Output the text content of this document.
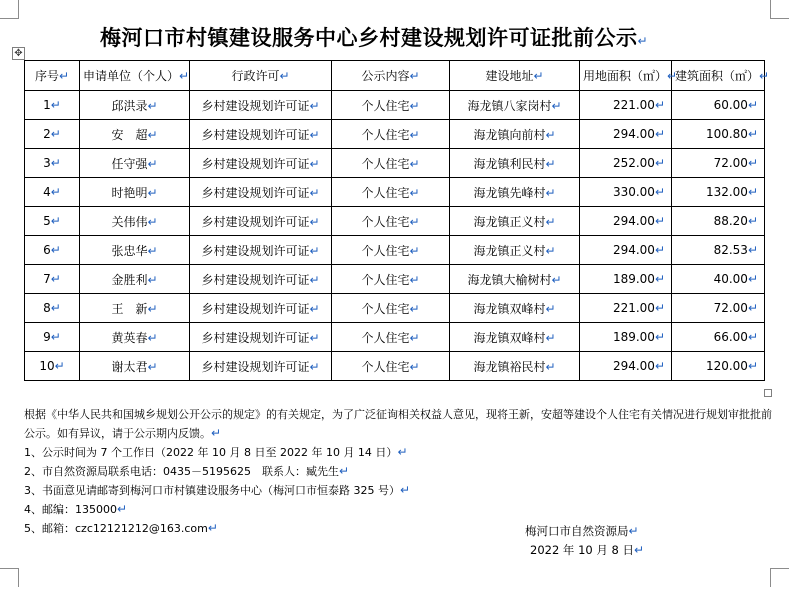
梅河口市村镇建设服务中心乡村建设规划许可证批前公示↵
✥
序号↵	申请单位（个人）↵	行政许可↵	公示内容↵	建设地址↵	用地面积（㎡）↵	建筑面积（㎡）↵
1↵	邱洪录↵	乡村建设规划许可证↵	个人住宅↵	海龙镇八家岗村↵	221.00↵	60.00↵
2↵	安　超↵	乡村建设规划许可证↵	个人住宅↵	海龙镇向前村↵	294.00↵	100.80↵
3↵	任守强↵	乡村建设规划许可证↵	个人住宅↵	海龙镇利民村↵	252.00↵	72.00↵
4↵	时艳明↵	乡村建设规划许可证↵	个人住宅↵	海龙镇先峰村↵	330.00↵	132.00↵
5↵	关伟伟↵	乡村建设规划许可证↵	个人住宅↵	海龙镇正义村↵	294.00↵	88.20↵
6↵	张忠华↵	乡村建设规划许可证↵	个人住宅↵	海龙镇正义村↵	294.00↵	82.53↵
7↵	金胜利↵	乡村建设规划许可证↵	个人住宅↵	海龙镇大榆树村↵	189.00↵	40.00↵
8↵	王　新↵	乡村建设规划许可证↵	个人住宅↵	海龙镇双峰村↵	221.00↵	72.00↵
9↵	黄英春↵	乡村建设规划许可证↵	个人住宅↵	海龙镇双峰村↵	189.00↵	66.00↵
10↵	谢太君↵	乡村建设规划许可证↵	个人住宅↵	海龙镇裕民村↵	294.00↵	120.00↵

根据《中华人民共和国城乡规划公开公示的规定》的有关规定，为了广泛征询相关权益人意见，现将王新，安超等建设个人住宅有关情况进行规划审批批前公示。如有异议，请于公示期内反馈。↵

1、公示时间为 7 个工作日（2022 年 10 月 8 日至 2022 年 10 月 14 日）↵

2、市自然资源局联系电话：0435－5195625　联系人：臧先生↵

3、书面意见请邮寄到梅河口市村镇建设服务中心（梅河口市恒泰路 325 号）↵

4、邮编：135000↵

5、邮箱：czc12121212@163.com↵	梅河口市自然资源局↵
2022 年 10 月 8 日↵
